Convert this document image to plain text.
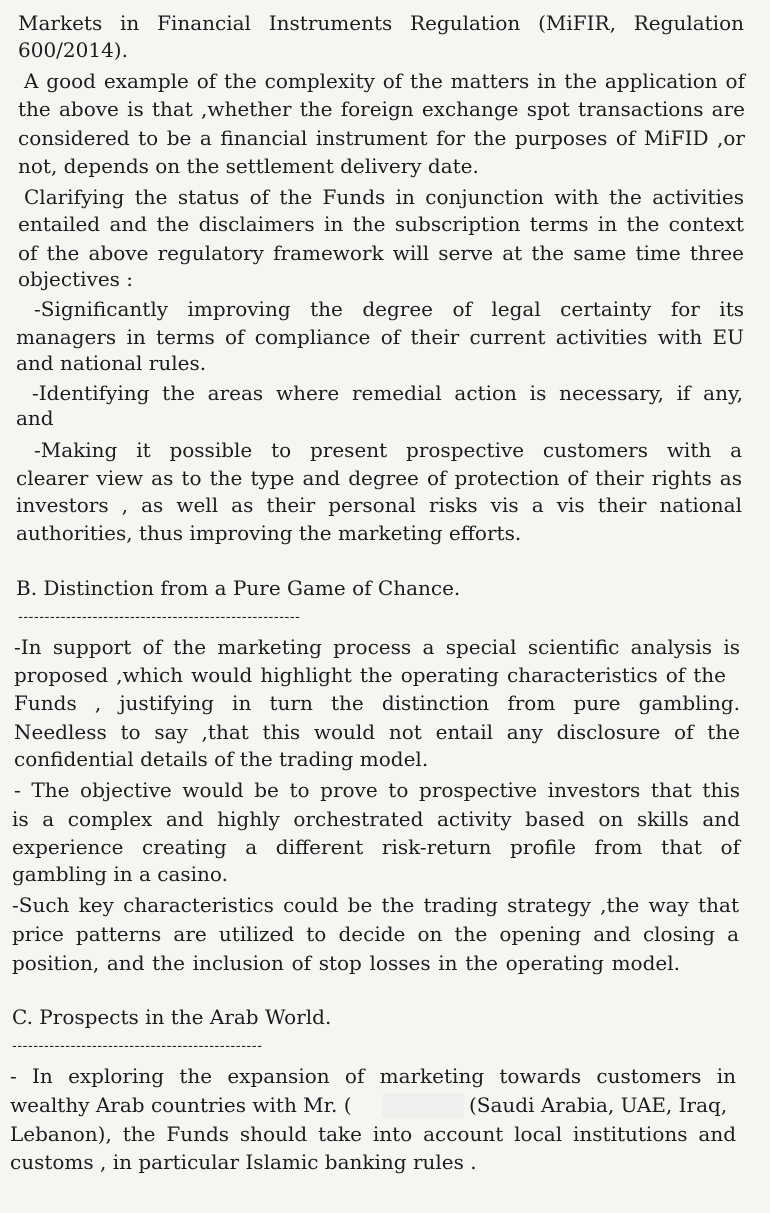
Markets in Financial Instruments Regulation (MiFIR, Regulation
600/2014).
A good example of the complexity of the matters in the application of
the above is that ,whether the foreign exchange spot transactions are
considered to be a financial instrument for the purposes of MiFID ,or
not, depends on the settlement delivery date.
Clarifying the status of the Funds in conjunction with the activities
entailed and the disclaimers in the subscription terms in the context
of the above regulatory framework will serve at the same time three
objectives :
-Significantly improving the degree of legal certainty for its
managers in terms of compliance of their current activities with EU
and national rules.
-Identifying the areas where remedial action is necessary, if any,
and
-Making it possible to present prospective customers with a
clearer view as to the type and degree of protection of their rights as
investors , as well as their personal risks vis a vis their national
authorities, thus improving the marketing efforts.
B. Distinction from a Pure Game of Chance.
-----------------------------------------------------
-In support of the marketing process a special scientific analysis is
proposed ,which would highlight the operating characteristics of the
Funds , justifying in turn the distinction from pure gambling.
Needless to say ,that this would not entail any disclosure of the
confidential details of the trading model.
- The objective would be to prove to prospective investors that this
is a complex and highly orchestrated activity based on skills and
experience creating a different risk-return profile from that of
gambling in a casino.
-Such key characteristics could be the trading strategy ,the way that
price patterns are utilized to decide on the opening and closing a
position, and the inclusion of stop losses in the operating model.
C. Prospects in the Arab World.
-----------------------------------------------
- In exploring the expansion of marketing towards customers in
wealthy Arab countries with Mr. (	(Saudi Arabia, UAE, Iraq,
Lebanon), the Funds should take into account local institutions and
customs , in particular Islamic banking rules .
